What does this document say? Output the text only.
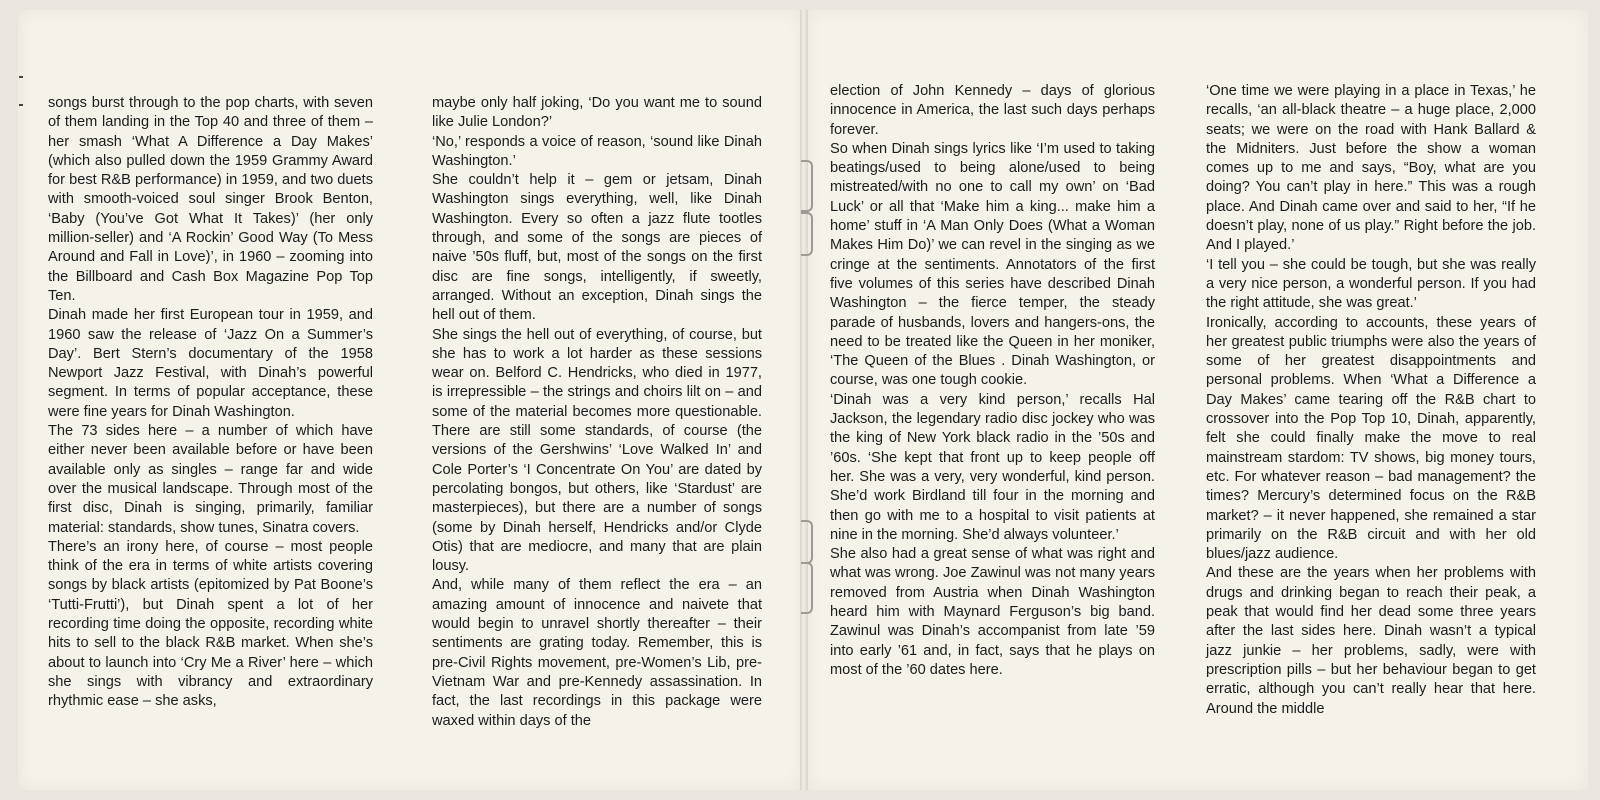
songs burst through to the pop charts, with seven of them landing in the Top 40 and three of them – her smash ‘What A Difference a Day Makes’ (which also pulled down the 1959 Grammy Award for best R&B performance) in 1959, and two duets with smooth-voiced soul singer Brook Benton, ‘Baby (You’ve Got What It Takes)’ (her only million-seller) and ‘A Rockin’ Good Way (To Mess Around and Fall in Love)’, in 1960 – zooming into the Billboard and Cash Box Magazine Pop Top Ten.

Dinah made her first European tour in 1959, and 1960 saw the release of ‘Jazz On a Summer’s Day’. Bert Stern’s documentary of the 1958 Newport Jazz Festival, with Dinah’s powerful segment. In terms of popular acceptance, these were fine years for Dinah Washington.

The 73 sides here – a number of which have either never been available before or have been available only as singles – range far and wide over the musical landscape. Through most of the first disc, Dinah is singing, primarily, familiar material: standards, show tunes, Sinatra covers.

There’s an irony here, of course – most people think of the era in terms of white artists covering songs by black artists (epitomized by Pat Boone’s ‘Tutti-Frutti’), but Dinah spent a lot of her recording time doing the opposite, recording white hits to sell to the black R&B market. When she’s about to launch into ‘Cry Me a River’ here – which she sings with vibrancy and extraordinary rhythmic ease – she asks,

maybe only half joking, ‘Do you want me to sound like Julie London?’

‘No,’ responds a voice of reason, ‘sound like Dinah Washington.’

She couldn’t help it – gem or jetsam, Dinah Washington sings everything, well, like Dinah Washington. Every so often a jazz flute tootles through, and some of the songs are pieces of naive ’50s fluff, but, most of the songs on the first disc are fine songs, intelligently, if sweetly, arranged. Without an exception, Dinah sings the hell out of them.

She sings the hell out of everything, of course, but she has to work a lot harder as these sessions wear on. Belford C. Hendricks, who died in 1977, is irrepressible – the strings and choirs lilt on – and some of the material becomes more questionable. There are still some standards, of course (the versions of the Gershwins’ ‘Love Walked In’ and Cole Porter’s ‘I Concentrate On You’ are dated by percolating bongos, but others, like ‘Stardust’ are masterpieces), but there are a number of songs (some by Dinah herself, Hendricks and/or Clyde Otis) that are mediocre, and many that are plain lousy.

And, while many of them reflect the era – an amazing amount of innocence and naivete that would begin to unravel shortly thereafter – their sentiments are grating today. Remember, this is pre-Civil Rights movement, pre-Women’s Lib, pre-Vietnam War and pre-Kennedy assassination. In fact, the last recordings in this package were waxed within days of the

election of John Kennedy – days of glorious innocence in America, the last such days perhaps forever.

So when Dinah sings lyrics like ‘I’m used to taking beatings/used to being alone/used to being mistreated/with no one to call my own’ on ‘Bad Luck’ or all that ‘Make him a king... make him a home’ stuff in ‘A Man Only Does (What a Woman Makes Him Do)’ we can revel in the singing as we cringe at the sentiments. Annotators of the first five volumes of this series have described Dinah Washington – the fierce temper, the steady parade of husbands, lovers and hangers-ons, the need to be treated like the Queen in her moniker, ‘The Queen of the Blues . Dinah Washington, or course, was one tough cookie.

‘Dinah was a very kind person,’ recalls Hal Jackson, the legendary radio disc jockey who was the king of New York black radio in the ’50s and ’60s. ‘She kept that front up to keep people off her. She was a very, very wonderful, kind person. She’d work Birdland till four in the morning and then go with me to a hospital to visit patients at nine in the morning. She’d always volunteer.’

She also had a great sense of what was right and what was wrong. Joe Zawinul was not many years removed from Austria when Dinah Washington heard him with Maynard Ferguson’s big band. Zawinul was Dinah’s accompanist from late ’59 into early ’61 and, in fact, says that he plays on most of the ’60 dates here.

‘One time we were playing in a place in Texas,’ he recalls, ‘an all-black theatre – a huge place, 2,000 seats; we were on the road with Hank Ballard & the Midniters. Just before the show a woman comes up to me and says, “Boy, what are you doing? You can’t play in here.” This was a rough place. And Dinah came over and said to her, “If he doesn’t play, none of us play.” Right before the job. And I played.’

‘I tell you – she could be tough, but she was really a very nice person, a wonderful person. If you had the right attitude, she was great.’

Ironically, according to accounts, these years of her greatest public triumphs were also the years of some of her greatest disappointments and personal problems. When ‘What a Difference a Day Makes’ came tearing off the R&B chart to crossover into the Pop Top 10, Dinah, apparently, felt she could finally make the move to real mainstream stardom: TV shows, big money tours, etc. For whatever reason – bad management? the times? Mercury’s determined focus on the R&B market? – it never happened, she remained a star primarily on the R&B circuit and with her old blues/jazz audience.

And these are the years when her problems with drugs and drinking began to reach their peak, a peak that would find her dead some three years after the last sides here. Dinah wasn’t a typical jazz junkie – her problems, sadly, were with prescription pills – but her behaviour began to get erratic, although you can’t really hear that here. Around the middle
